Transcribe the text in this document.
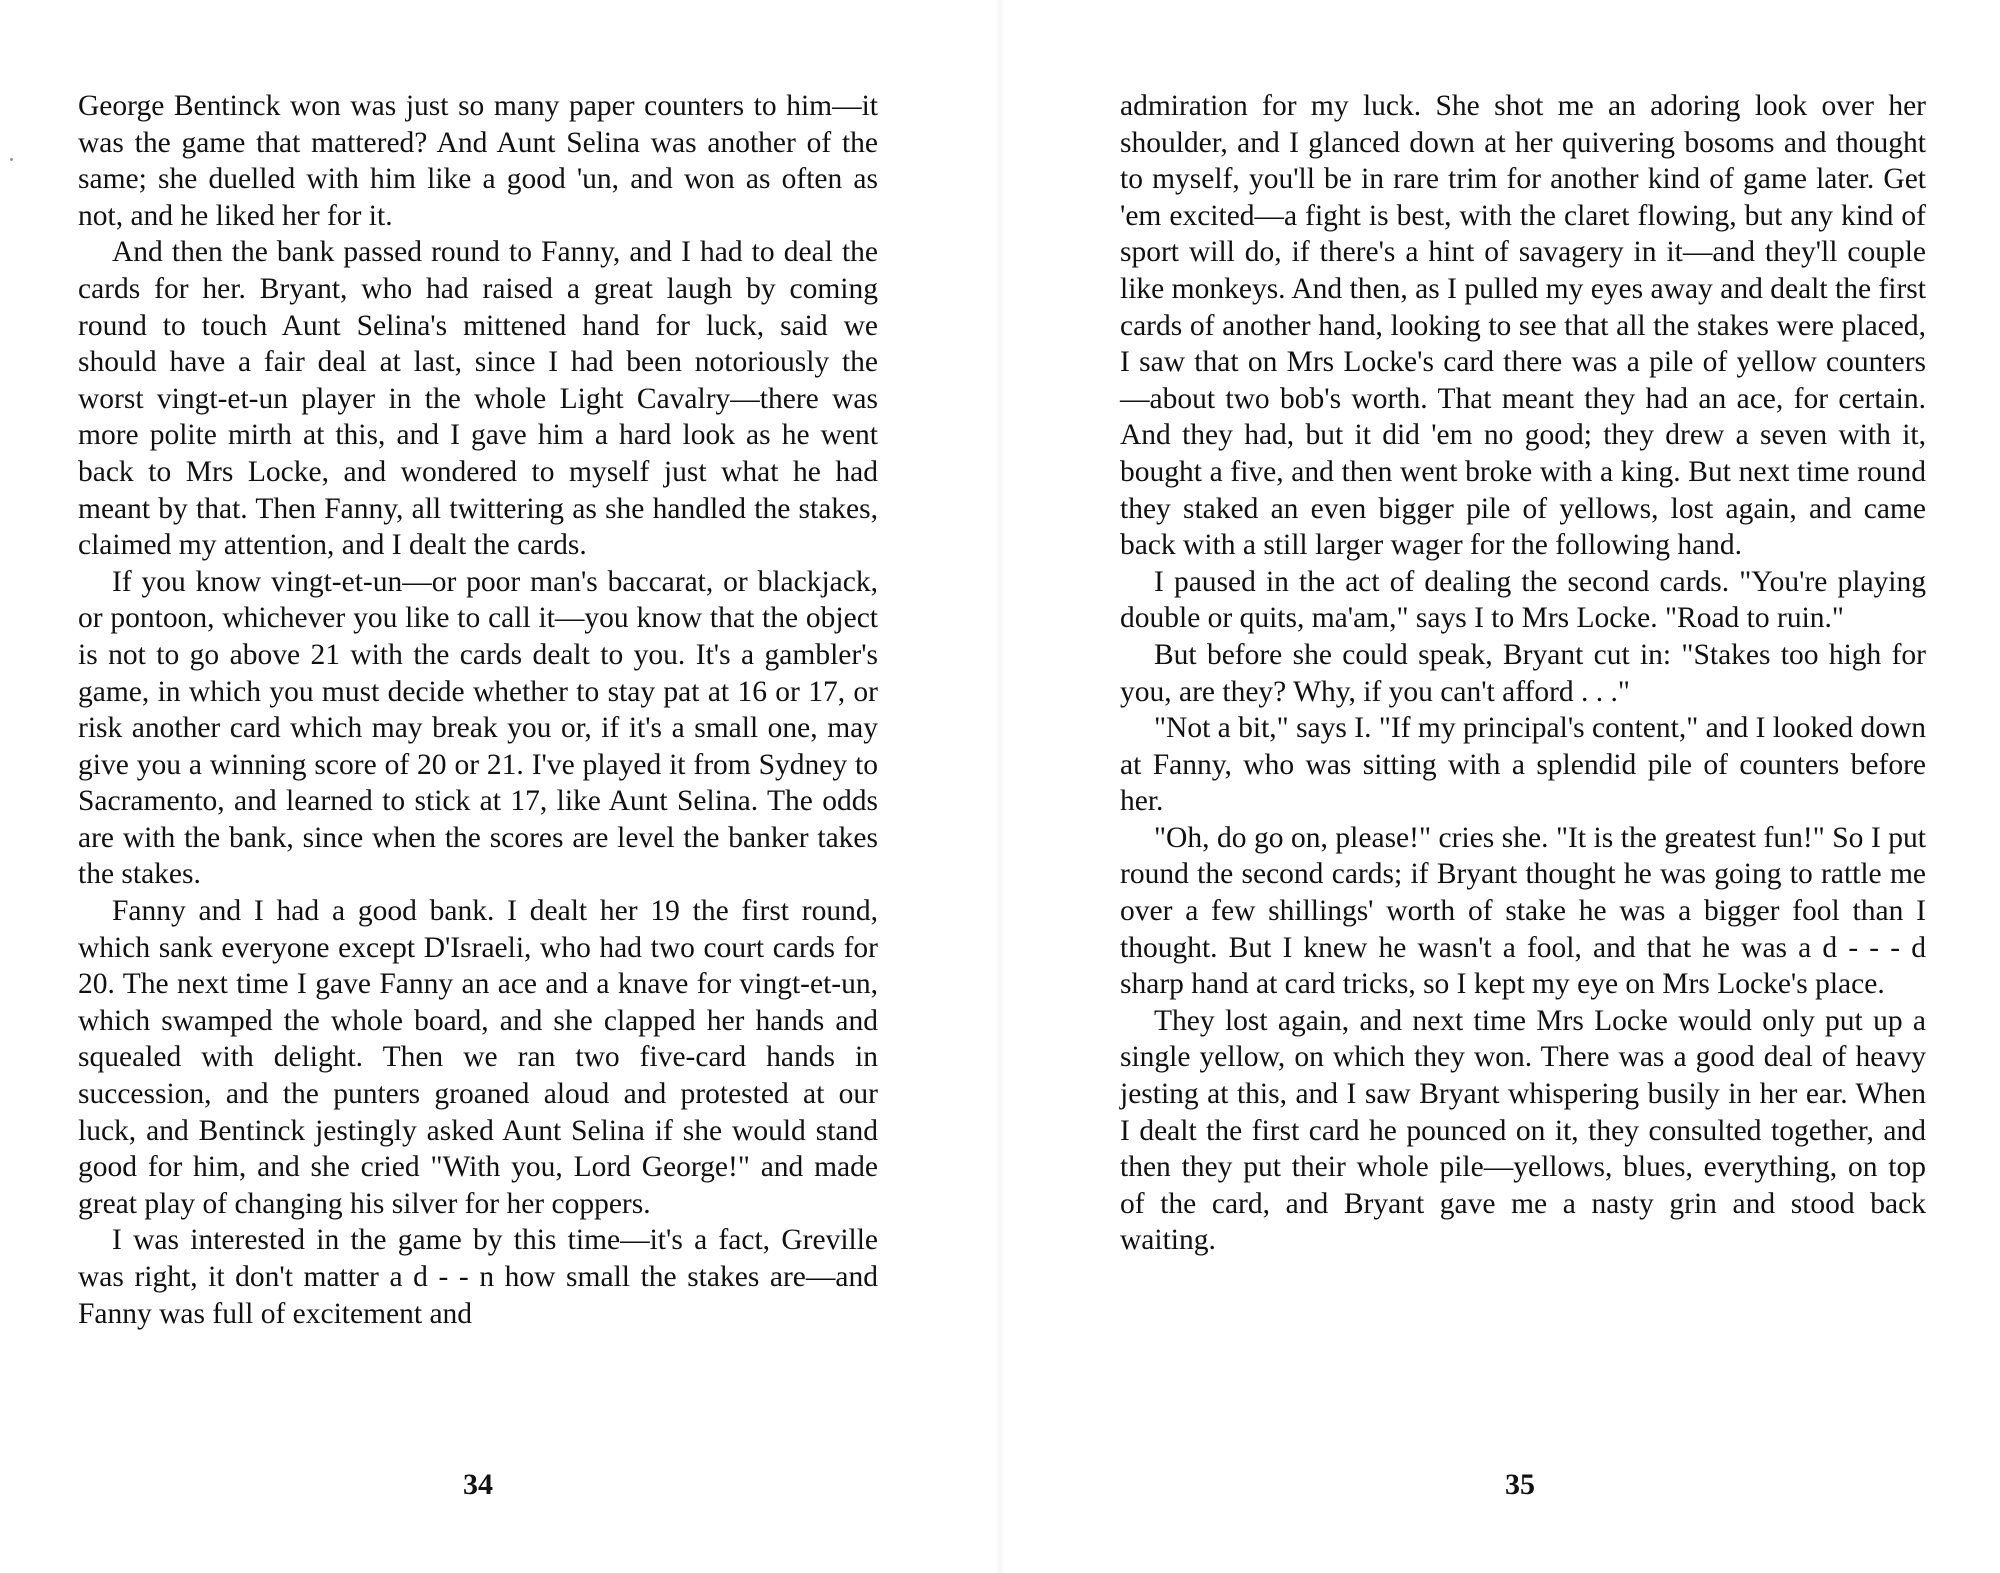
George Bentinck won was just so many paper counters to him—it was the game that mattered? And Aunt Selina was another of the same; she duelled with him like a good 'un, and won as often as not, and he liked her for it.

And then the bank passed round to Fanny, and I had to deal the cards for her. Bryant, who had raised a great laugh by coming round to touch Aunt Selina's mittened hand for luck, said we should have a fair deal at last, since I had been notoriously the worst vingt-et-un player in the whole Light Cavalry—there was more polite mirth at this, and I gave him a hard look as he went back to Mrs Locke, and wondered to myself just what he had meant by that. Then Fanny, all twittering as she handled the stakes, claimed my attention, and I dealt the cards.

If you know vingt-et-un—or poor man's baccarat, or blackjack, or pontoon, whichever you like to call it—you know that the object is not to go above 21 with the cards dealt to you. It's a gambler's game, in which you must decide whether to stay pat at 16 or 17, or risk another card which may break you or, if it's a small one, may give you a winning score of 20 or 21. I've played it from Sydney to Sacramento, and learned to stick at 17, like Aunt Selina. The odds are with the bank, since when the scores are level the banker takes the stakes.

Fanny and I had a good bank. I dealt her 19 the first round, which sank everyone except D'Israeli, who had two court cards for 20. The next time I gave Fanny an ace and a knave for vingt-et-un, which swamped the whole board, and she clapped her hands and squealed with delight. Then we ran two five-card hands in succession, and the punters groaned aloud and protested at our luck, and Bentinck jestingly asked Aunt Selina if she would stand good for him, and she cried "With you, Lord George!" and made great play of changing his silver for her coppers.

I was interested in the game by this time—it's a fact, Greville was right, it don't matter a d - - n how small the stakes are—and Fanny was full of excitement and

34

admiration for my luck. She shot me an adoring look over her shoulder, and I glanced down at her quivering bosoms and thought to myself, you'll be in rare trim for another kind of game later. Get 'em excited—a fight is best, with the claret flowing, but any kind of sport will do, if there's a hint of savagery in it—and they'll couple like monkeys. And then, as I pulled my eyes away and dealt the first cards of another hand, looking to see that all the stakes were placed, I saw that on Mrs Locke's card there was a pile of yellow counters—about two bob's worth. That meant they had an ace, for certain. And they had, but it did 'em no good; they drew a seven with it, bought a five, and then went broke with a king. But next time round they staked an even bigger pile of yellows, lost again, and came back with a still larger wager for the following hand.

I paused in the act of dealing the second cards. "You're playing double or quits, ma'am," says I to Mrs Locke. "Road to ruin."

But before she could speak, Bryant cut in: "Stakes too high for you, are they? Why, if you can't afford . . ."

"Not a bit," says I. "If my principal's content," and I looked down at Fanny, who was sitting with a splendid pile of counters before her.

"Oh, do go on, please!" cries she. "It is the greatest fun!" So I put round the second cards; if Bryant thought he was going to rattle me over a few shillings' worth of stake he was a bigger fool than I thought. But I knew he wasn't a fool, and that he was a d - - - d sharp hand at card tricks, so I kept my eye on Mrs Locke's place.

They lost again, and next time Mrs Locke would only put up a single yellow, on which they won. There was a good deal of heavy jesting at this, and I saw Bryant whispering busily in her ear. When I dealt the first card he pounced on it, they consulted together, and then they put their whole pile—yellows, blues, everything, on top of the card, and Bryant gave me a nasty grin and stood back waiting.

35
